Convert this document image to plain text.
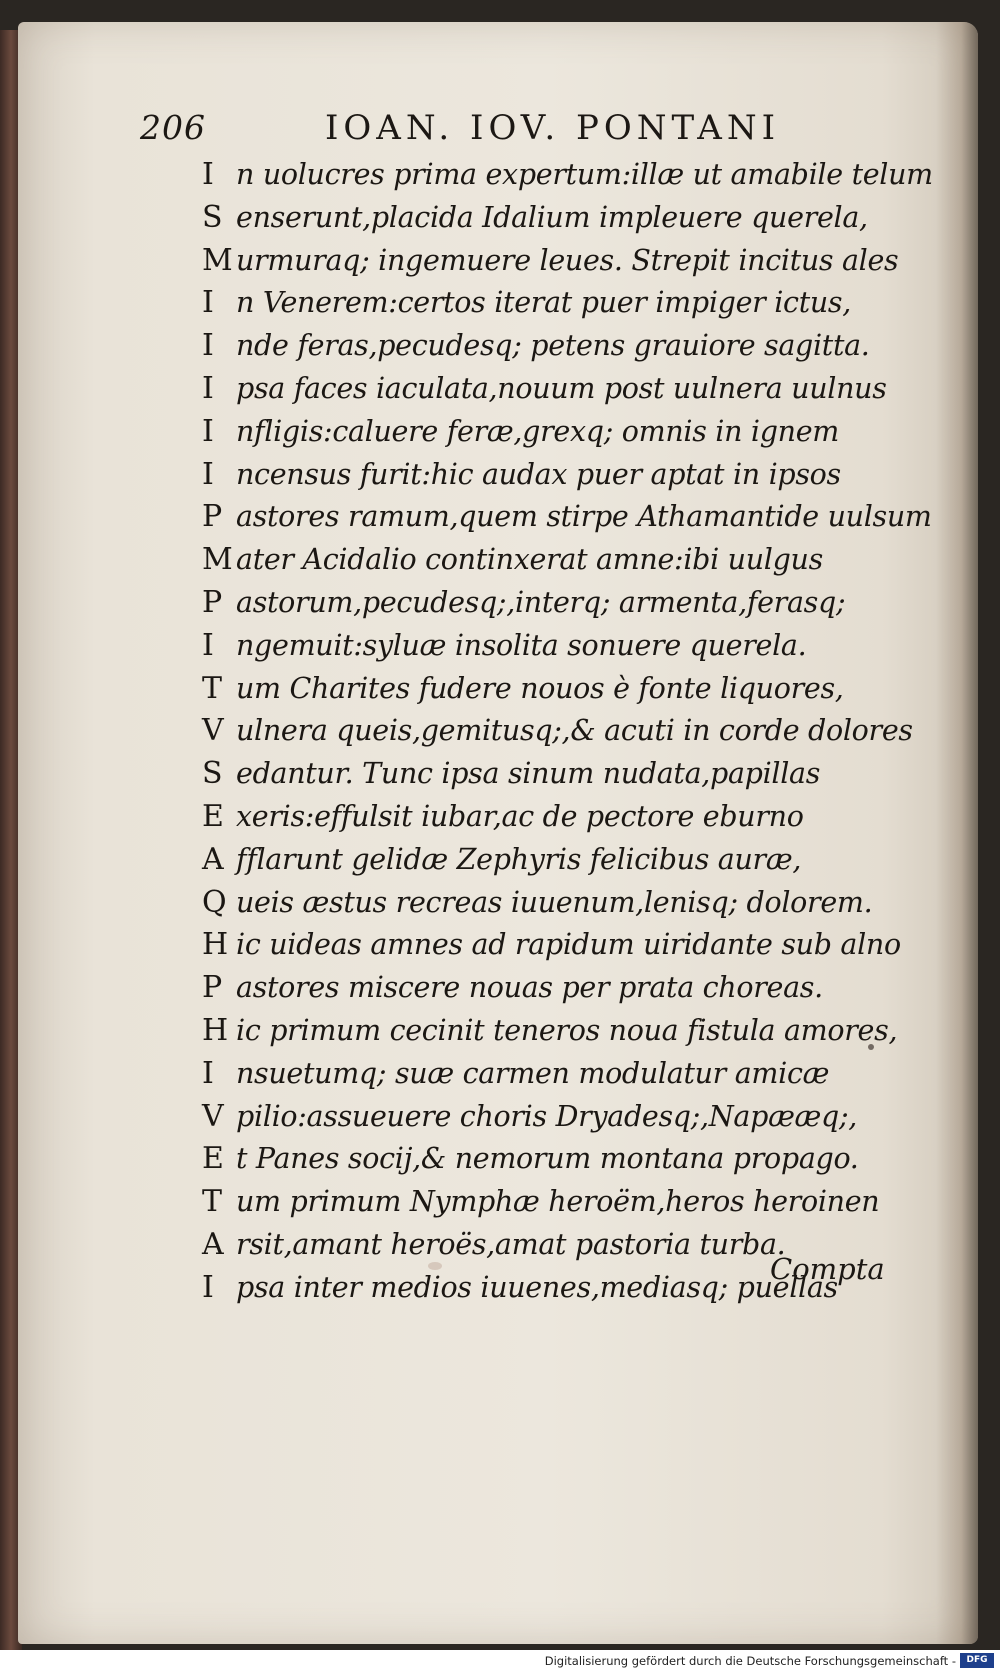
206	IOAN. IOV. PONTANI
I n uolucres prima expertum:illæ ut amabile telum
S enserunt,placida Idalium impleuere querela,
M urmuraq; ingemuere leues. Strepit incitus ales
I n Venerem:certos iterat puer impiger ictus,
I nde feras,pecudesq; petens grauiore sagitta.
I psa faces iaculata,nouum post uulnera uulnus
I nfligis:caluere feræ,grexq; omnis in ignem
I ncensus furit:hic audax puer aptat in ipsos
P astores ramum,quem stirpe Athamantide uulsum
M ater Acidalio continxerat amne:ibi uulgus
P astorum,pecudesq;,interq; armenta,ferasq;
I ngemuit:syluæ insolita sonuere querela.
T um Charites fudere nouos è fonte liquores,
V ulnera queis,gemitusq;,& acuti in corde dolores
S edantur. Tunc ipsa sinum nudata,papillas
E xeris:effulsit iubar,ac de pectore eburno
A fflarunt gelidæ Zephyris felicibus auræ,
Q ueis æstus recreas iuuenum,lenisq; dolorem.
H ic uideas amnes ad rapidum uiridante sub alno
P astores miscere nouas per prata choreas.
H ic primum cecinit teneros noua fistula amores,
I nsuetumq; suæ carmen modulatur amicæ
V pilio:assueuere choris Dryadesq;,Napææq;,
E t Panes socij,& nemorum montana propago.
T um primum Nymphæ heroëm,heros heroinen
A rsit,amant heroës,amat pastoria turba.
I psa inter medios iuuenes,mediasq; puellas
Compta
Digitalisierung gefördert durch die Deutsche Forschungsgemeinschaft -	DFG
